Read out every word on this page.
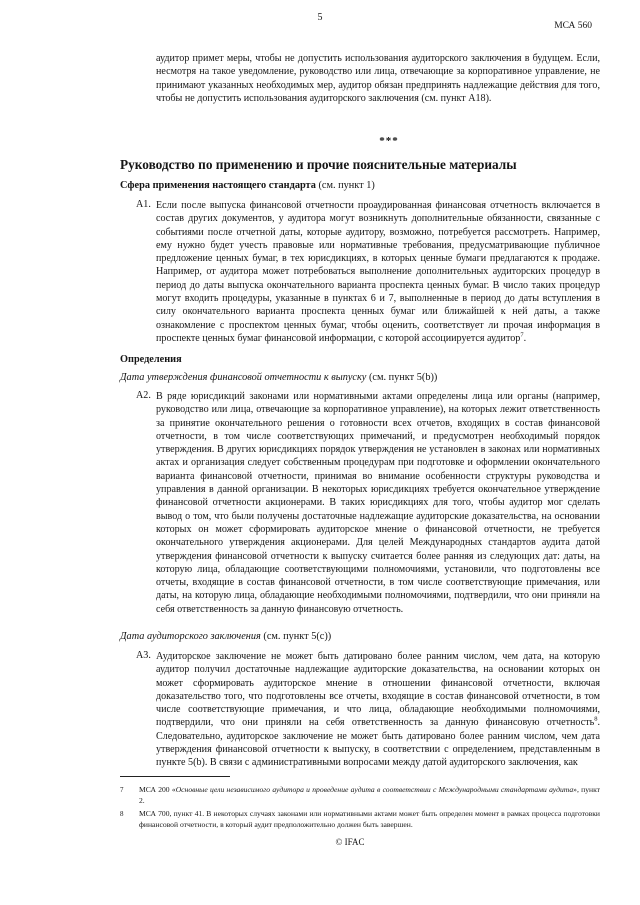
5
МСА 560
аудитор примет меры, чтобы не допустить использования аудиторского заключения в будущем. Если, несмотря на такое уведомление, руководство или лица, отвечающие за корпоративное управление, не принимают указанных необходимых мер, аудитор обязан предпринять надлежащие действия для того, чтобы не допустить использования аудиторского заключения (см. пункт А18).
***
Руководство по применению и прочие пояснительные материалы
Сфера применения настоящего стандарта (см. пункт 1)
A1. Если после выпуска финансовой отчетности проаудированная финансовая отчетность включается в состав других документов, у аудитора могут возникнуть дополнительные обязанности, связанные с событиями после отчетной даты, которые аудитору, возможно, потребуется рассмотреть. Например, ему нужно будет учесть правовые или нормативные требования, предусматривающие публичное предложение ценных бумаг, в тех юрисдикциях, в которых ценные бумаги предлагаются к продаже. Например, от аудитора может потребоваться выполнение дополнительных аудиторских процедур в период до даты выпуска окончательного варианта проспекта ценных бумаг. В число таких процедур могут входить процедуры, указанные в пунктах 6 и 7, выполненные в период до даты вступления в силу окончательного варианта проспекта ценных бумаг или ближайшей к ней даты, а также ознакомление с проспектом ценных бумаг, чтобы оценить, соответствует ли прочая информация в проспекте ценных бумаг финансовой информации, с которой ассоциируется аудитор$^7$.
Определения
Дата утверждения финансовой отчетности к выпуску (см. пункт 5(b))
A2. В ряде юрисдикций законами или нормативными актами определены лица или органы (например, руководство или лица, отвечающие за корпоративное управление), на которых лежит ответственность за принятие окончательного решения о готовности всех отчетов, входящих в состав финансовой отчетности, в том числе соответствующих примечаний, и предусмотрен необходимый порядок утверждения. В других юрисдикциях порядок утверждения не установлен в законах или нормативных актах и организация следует собственным процедурам при подготовке и оформлении окончательного варианта финансовой отчетности, принимая во внимание особенности структуры руководства и управления в данной организации. В некоторых юрисдикциях требуется окончательное утверждение финансовой отчетности акционерами. В таких юрисдикциях для того, чтобы аудитор мог сделать вывод о том, что были получены достаточные надлежащие аудиторские доказательства, на основании которых он может сформировать аудиторское мнение о финансовой отчетности, не требуется окончательного утверждения акционерами. Для целей Международных стандартов аудита датой утверждения финансовой отчетности к выпуску считается более ранняя из следующих дат: даты, на которую лица, обладающие соответствующими полномочиями, установили, что подготовлены все отчеты, входящие в состав финансовой отчетности, в том числе соответствующие примечания, или даты, на которую лица, обладающие необходимыми полномочиями, подтвердили, что они приняли на себя ответственность за данную финансовую отчетность.
Дата аудиторского заключения (см. пункт 5(c))
A3. Аудиторское заключение не может быть датировано более ранним числом, чем дата, на которую аудитор получил достаточные надлежащие аудиторские доказательства, на основании которых он может сформировать аудиторское мнение в отношении финансовой отчетности, включая доказательство того, что подготовлены все отчеты, входящие в состав финансовой отчетности, в том числе соответствующие примечания, и что лица, обладающие необходимыми полномочиями, подтвердили, что они приняли на себя ответственность за данную финансовую отчетность$^8$. Следовательно, аудиторское заключение не может быть датировано более ранним числом, чем дата утверждения финансовой отчетности к выпуску, в соответствии с определением, представленным в пункте 5(b). В связи с административными вопросами между датой аудиторского заключения, как
7 МСА 200 «Основные цели независимого аудитора и проведение аудита в соответствии с Международными стандартами аудита», пункт 2.
8 МСА 700, пункт 41. В некоторых случаях законами или нормативными актами может быть определен момент в рамках процесса подготовки финансовой отчетности, в который аудит предположительно должен быть завершен.
© IFAC
